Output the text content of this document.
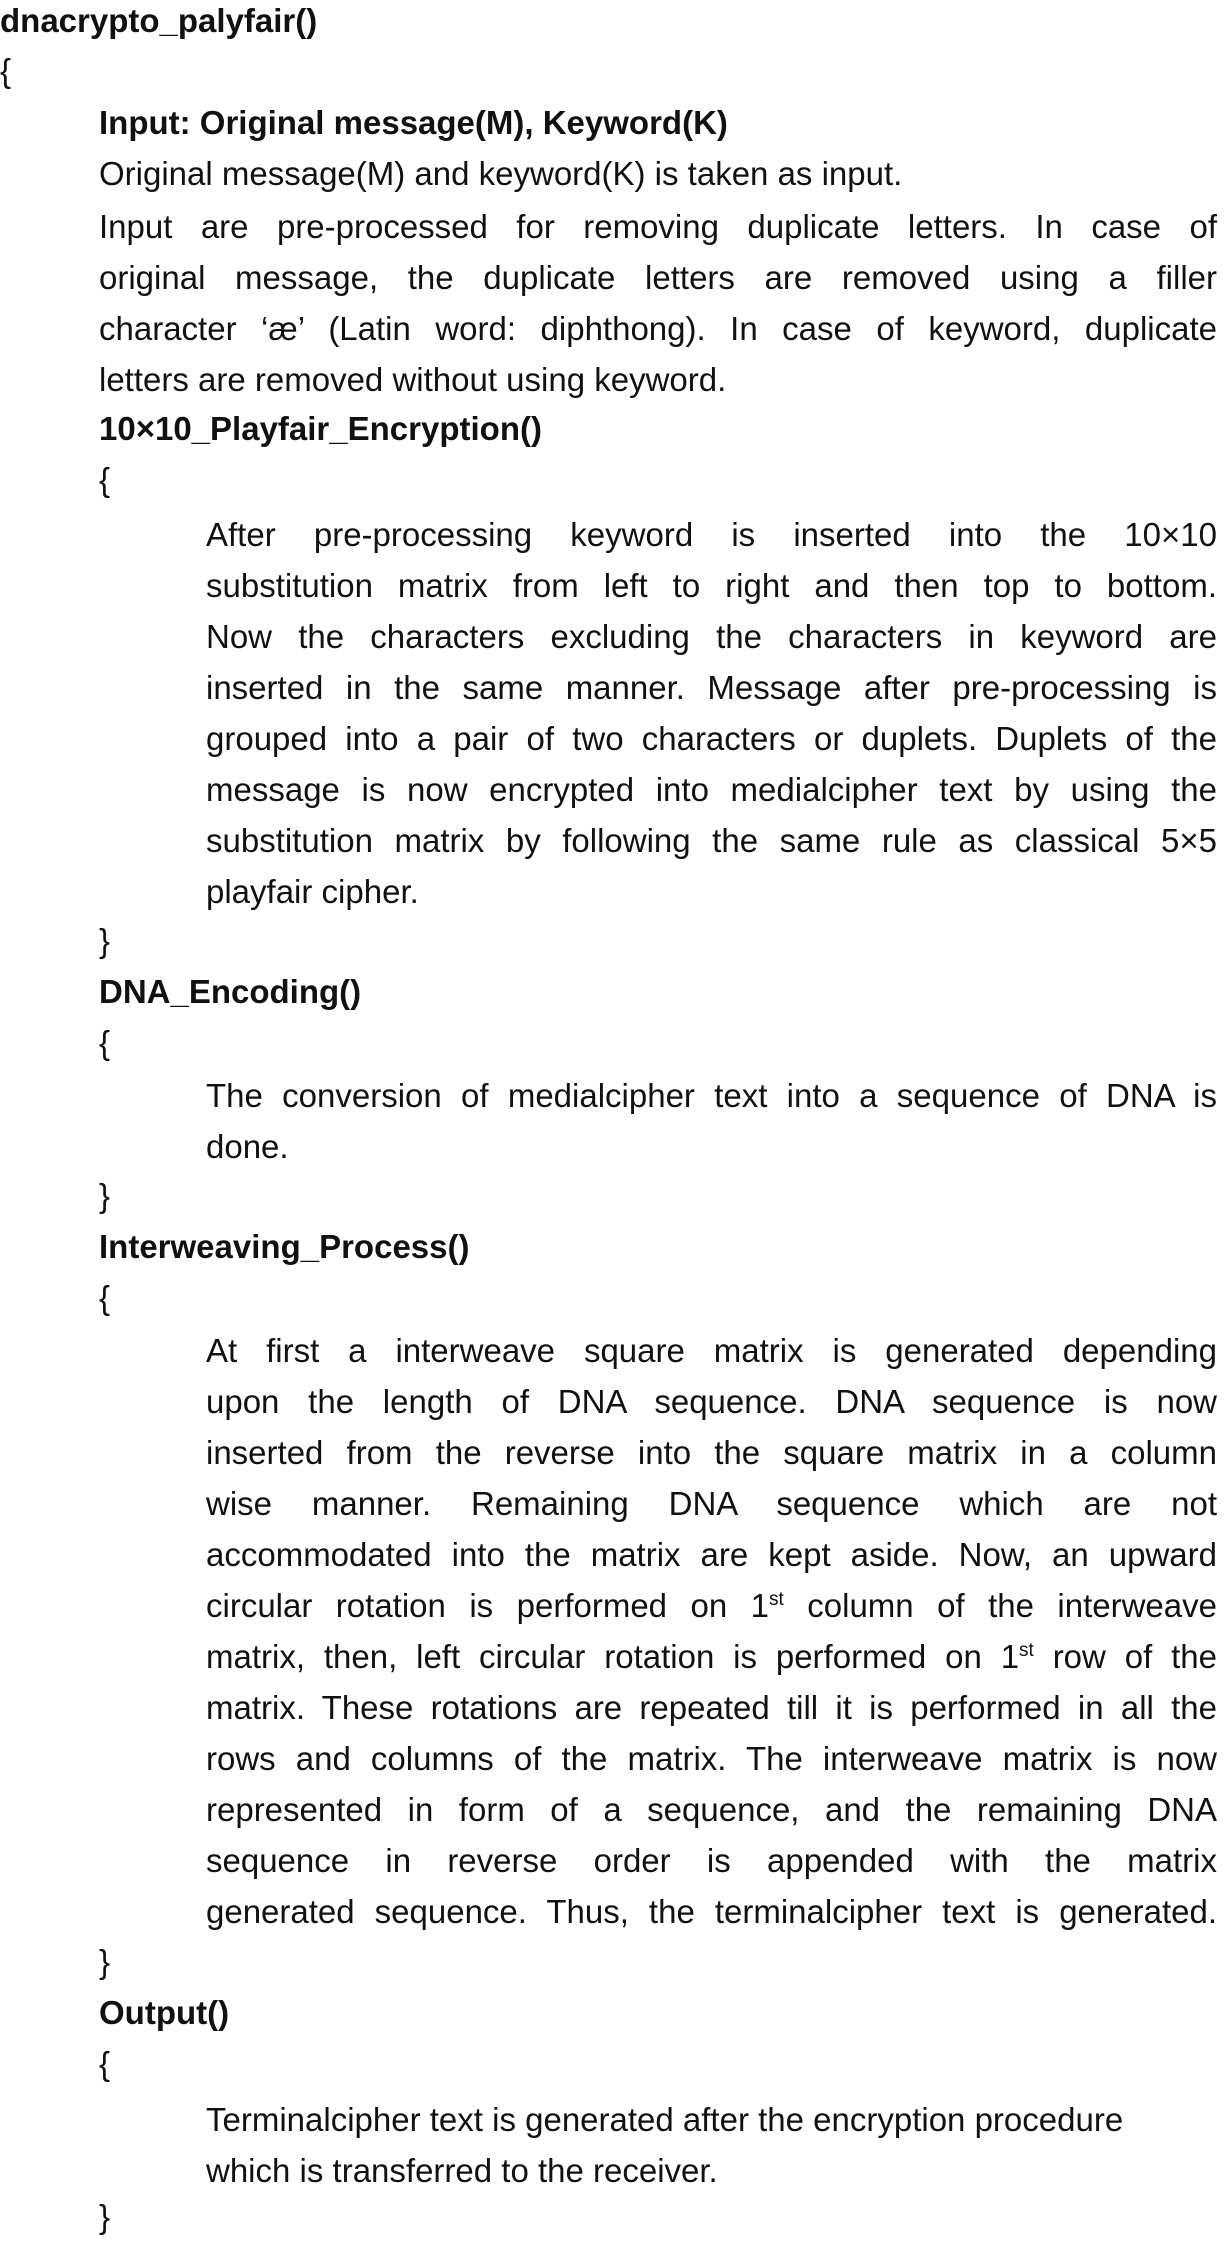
dnacrypto_palyfair()
{
Input: Original message(M), Keyword(K)
Original message(M) and keyword(K) is taken as input.
Input are pre-processed for removing duplicate letters. In case of
original message, the duplicate letters are removed using a filler
character ‘æ’ (Latin word: diphthong). In case of keyword, duplicate
letters are removed without using keyword.
10×10_Playfair_Encryption()
{
After pre-processing keyword is inserted into the 10×10
substitution matrix from left to right and then top to bottom.
Now the characters excluding the characters in keyword are
inserted in the same manner. Message after pre-processing is
grouped into a pair of two characters or duplets. Duplets of the
message is now encrypted into medialcipher text by using the
substitution matrix by following the same rule as classical 5×5
playfair cipher.
}
DNA_Encoding()
{
The conversion of medialcipher text into a sequence of DNA is
done.
}
Interweaving_Process()
{
At first a interweave square matrix is generated depending
upon the length of DNA sequence. DNA sequence is now
inserted from the reverse into the square matrix in a column
wise manner. Remaining DNA sequence which are not
accommodated into the matrix are kept aside. Now, an upward
circular rotation is performed on 1st column of the interweave
matrix, then, left circular rotation is performed on 1st row of the
matrix. These rotations are repeated till it is performed in all the
rows and columns of the matrix. The interweave matrix is now
represented in form of a sequence, and the remaining DNA
sequence in reverse order is appended with the matrix
generated sequence. Thus, the terminalcipher text is generated.
}
Output()
{
Terminalcipher text is generated after the encryption procedure
which is transferred to the receiver.
}
